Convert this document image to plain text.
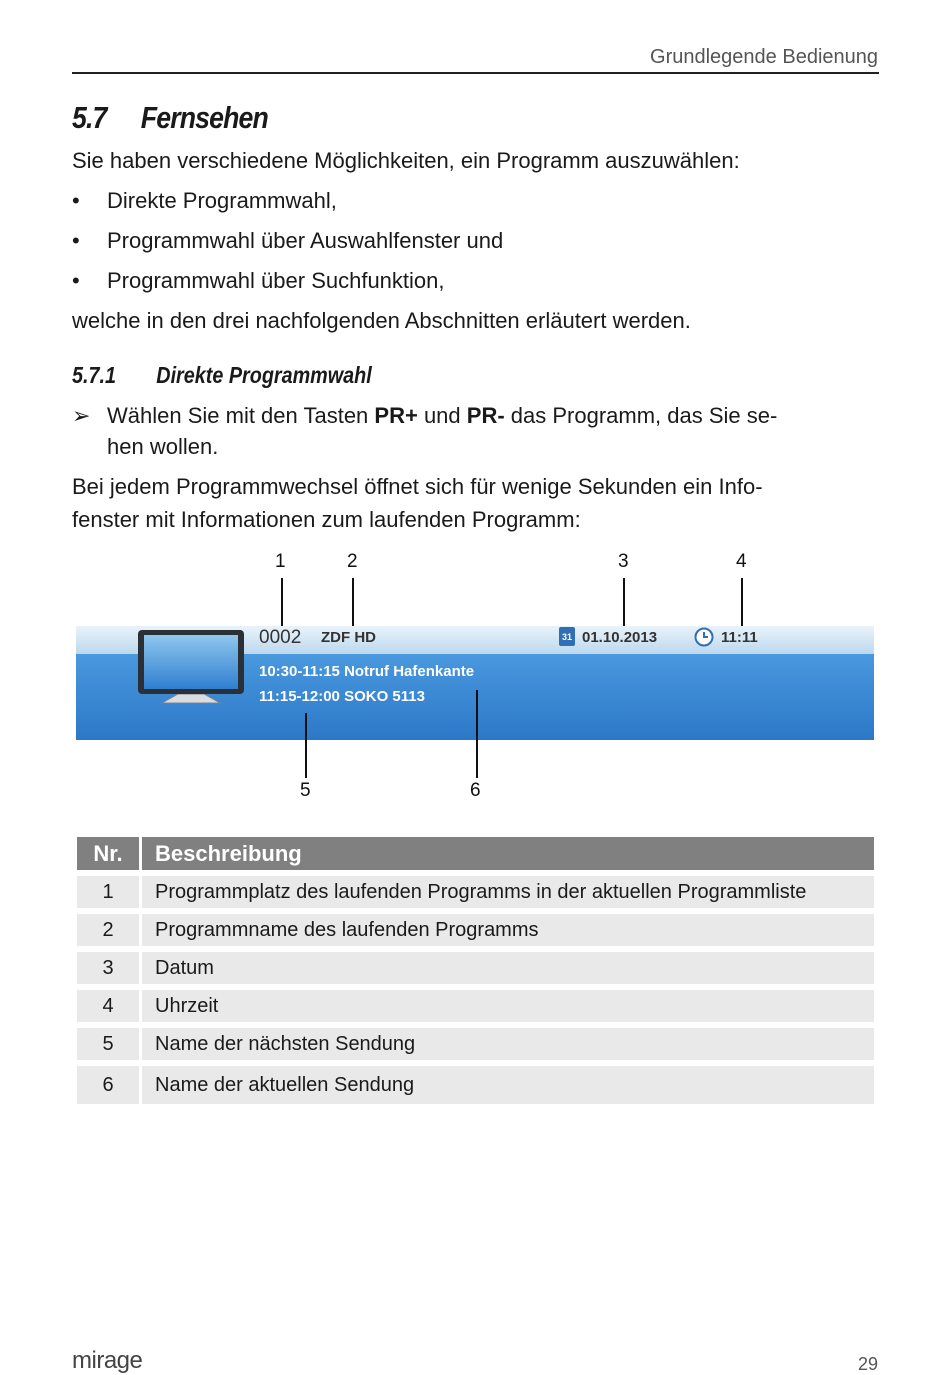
Grundlegende Bedienung
5.7 Fernsehen
Sie haben verschiedene Möglichkeiten, ein Programm auszuwählen:
• Direkte Programmwahl,
• Programmwahl über Auswahlfenster und
• Programmwahl über Suchfunktion,
welche in den drei nachfolgenden Abschnitten erläutert werden.
5.7.1 Direkte Programmwahl
➢ Wählen Sie mit den Tasten PR+ und PR- das Programm, das Sie se-
hen wollen.
Bei jedem Programmwechsel öffnet sich für wenige Sekunden ein Info-
fenster mit Informationen zum laufenden Programm:
1	2	3	4
0002 ZDF HD	31 01.10.2013	11:11
10:30-11:15 Notruf Hafenkante
11:15-12:00 SOKO 5113
5	6
Nr.	Beschreibung
1	Programmplatz des laufenden Programms in der aktuellen Programmliste
2	Programmname des laufenden Programms
3	Datum
4	Uhrzeit
5	Name der nächsten Sendung
6	Name der aktuellen Sendung
mirage	29
